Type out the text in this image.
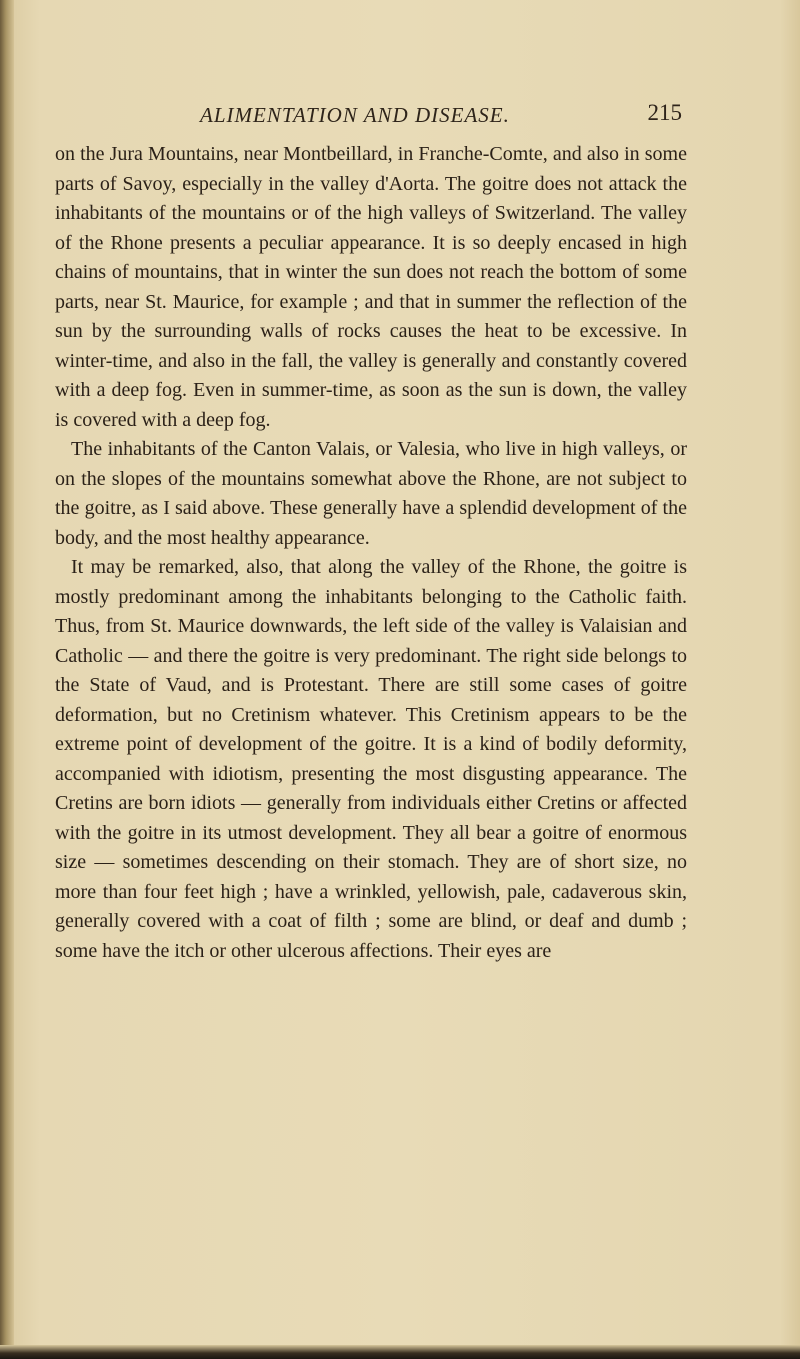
ALIMENTATION AND DISEASE.	215

on the Jura Mountains, near Montbeillard, in Franche-Comte, and also in some parts of Savoy, especially in the valley d'Aorta. The goitre does not attack the inhabitants of the mountains or of the high valleys of Switzerland. The valley of the Rhone presents a peculiar appearance. It is so deeply encased in high chains of mountains, that in winter the sun does not reach the bottom of some parts, near St. Maurice, for example ; and that in summer the reflection of the sun by the surrounding walls of rocks causes the heat to be excessive. In winter-time, and also in the fall, the valley is generally and constantly covered with a deep fog. Even in summer-time, as soon as the sun is down, the valley is covered with a deep fog.

The inhabitants of the Canton Valais, or Valesia, who live in high valleys, or on the slopes of the mountains somewhat above the Rhone, are not subject to the goitre, as I said above. These generally have a splendid development of the body, and the most healthy appearance.

It may be remarked, also, that along the valley of the Rhone, the goitre is mostly predominant among the inhabitants belonging to the Catholic faith. Thus, from St. Maurice downwards, the left side of the valley is Valaisian and Catholic — and there the goitre is very predominant. The right side belongs to the State of Vaud, and is Protestant. There are still some cases of goitre deformation, but no Cretinism whatever. This Cretinism appears to be the extreme point of development of the goitre. It is a kind of bodily deformity, accompanied with idiotism, presenting the most disgusting appearance. The Cretins are born idiots — generally from individuals either Cretins or affected with the goitre in its utmost development. They all bear a goitre of enormous size — sometimes descending on their stomach. They are of short size, no more than four feet high ; have a wrinkled, yellowish, pale, cadaverous skin, generally covered with a coat of filth ; some are blind, or deaf and dumb ; some have the itch or other ulcerous affections. Their eyes are
